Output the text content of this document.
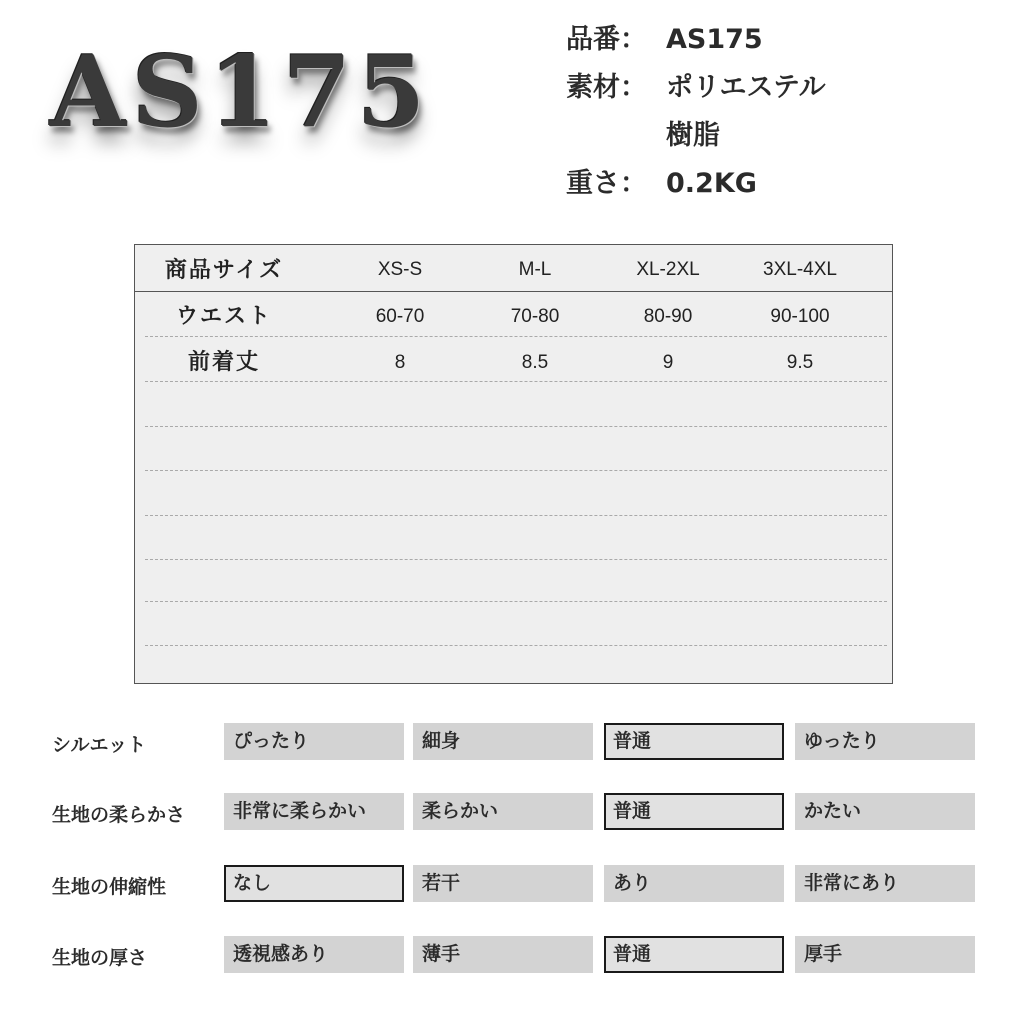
AS175	品番： AS175
素材： ポリエステル
樹脂
重さ： 0.2KG
商品サイズ	XS-S	M-L	XL-2XL	3XL-4XL
ウエスト	60-70	70-80	80-90	90-100
前着丈	8	8.5	9	9.5
シルエット	ぴったり	細身	普通	ゆったり
生地の柔らかさ	非常に柔らかい	柔らかい	普通	かたい
生地の伸縮性	なし	若干	あり	非常にあり
生地の厚さ	透視感あり	薄手	普通	厚手
